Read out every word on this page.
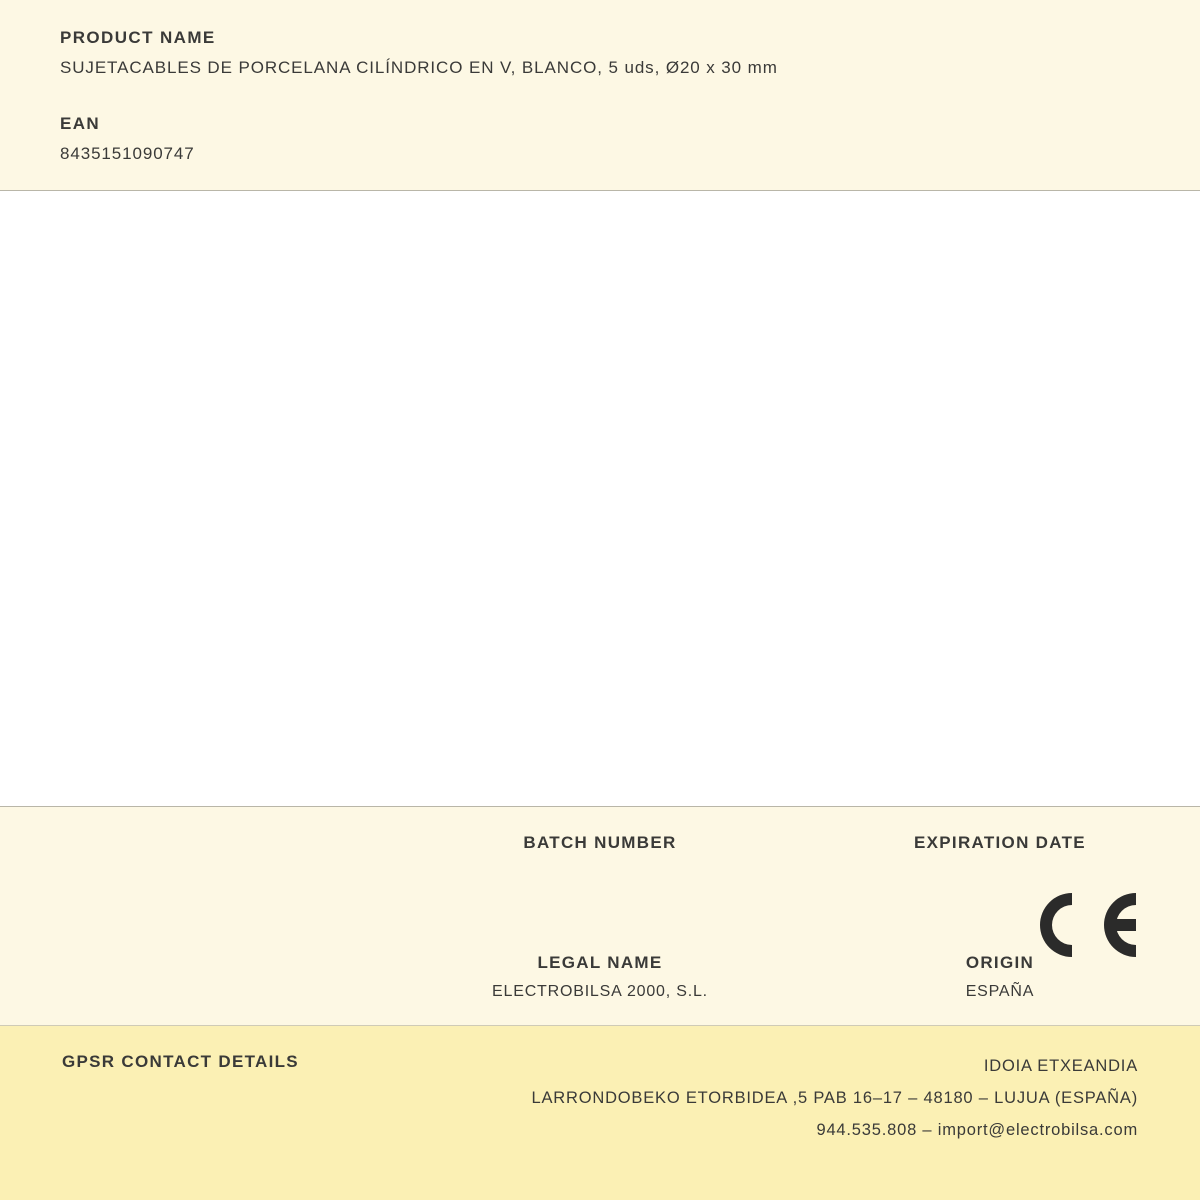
PRODUCT NAME
SUJETACABLES DE PORCELANA CILÍNDRICO EN V, BLANCO, 5 uds, Ø20 x 30 mm
EAN
8435151090747
BATCH NUMBER	EXPIRATION DATE
LEGAL NAME
ELECTROBILSA 2000, S.L.
ORIGIN
ESPAÑA
GPSR CONTACT DETAILS	IDOIA ETXEANDIA
LARRONDOBEKO ETORBIDEA ,5 PAB 16–17 – 48180 – LUJUA (ESPAÑA)
944.535.808 – import@electrobilsa.com
